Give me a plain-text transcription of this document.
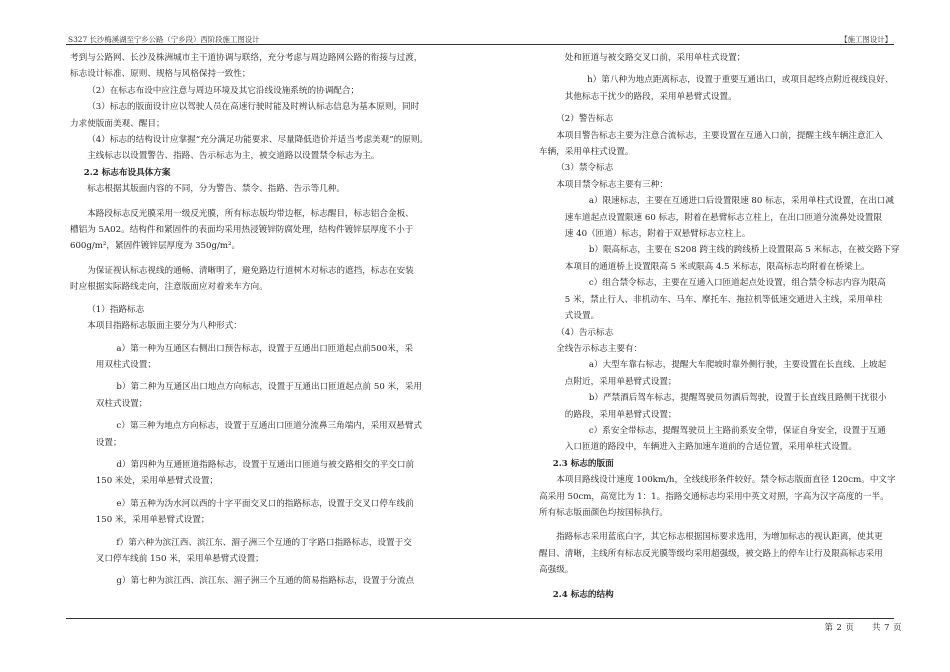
S327 长沙梅溪湖至宁乡公路（宁乡段）西阶段施工图设计	【施工图设计】

考到与公路网、长沙及株洲城市主干道协调与联络，充分考虑与周边路网公路的衔接与过渡，

标志设计标准、原则、规格与风格保持一致性；

（2）在标志布设中应注意与周边环境及其它沿线设施系统的协调配合；

（3）标志的版面设计应以驾驶人员在高速行驶时能及时辨认标志信息为基本原则，同时

力求使版面美观、醒目；

（4）标志的结构设计应掌握“充分满足功能要求、尽量降低造价并适当考虑美观”的原则。

主线标志以设置警告、指路、告示标志为主，被交道路以设置禁令标志为主。

2.2 标志布设具体方案

标志根据其版面内容的不同，分为警告、禁令、指路、告示等几种。

本路段标志反光膜采用一级反光膜，所有标志版均带边框，标志醒目，标志铝合金板、

槽铝为 5A02。结构件和紧固件的表面均采用热浸镀锌防腐处理，结构件镀锌层厚度不小于

600g/m²，紧固件镀锌层厚度为 350g/m²。

为保证视认标志视线的通畅、清晰明了，避免路边行道树木对标志的遮挡，标志在安装

时应根据实际路线走向，注意版面应对着来车方向。

（1）指路标志

本项目指路标志版面主要分为八种形式：

a）第一种为互通区右侧出口预告标志，设置于互通出口匝道起点前500米，采

用双柱式设置；

b）第二种为互通区出口地点方向标志，设置于互通出口匝道起点前 50 米，采用

双柱式设置；

c）第三种为地点方向标志，设置于互通出口匝道分流鼻三角端内，采用双悬臂式

设置；

d）第四种为互通匝道指路标志，设置于互通出口匝道与被交路相交的平交口前

150 米处，采用单悬臂式设置；

e）第五种为沩水河以西的十字平面交叉口的指路标志，设置于交叉口停车线前

150 米，采用单悬臂式设置；

f）第六种为滨江西、滨江东、湄子洲三个互通的丁字路口指路标志，设置于交

叉口停车线前 150 米，采用单悬臂式设置；

g）第七种为滨江西、滨江东、湄子洲三个互通的简易指路标志，设置于分流点

处和匝道与被交路交叉口前，采用单柱式设置；

h）第八种为地点距离标志，设置于重要互通出口，或项目起终点附近视线良好、

其他标志干扰少的路段，采用单悬臂式设置。

（2）警告标志

本项目警告标志主要为注意合流标志，主要设置在互通入口前，提醒主线车辆注意汇入

车辆，采用单柱式设置。

（3）禁令标志

本项目禁令标志主要有三种：

a）限速标志，主要在互通进口后设置限速 80 标志，采用单柱式设置，在出口减

速车道起点设置限速 60 标志，附着在悬臂标志立柱上，在出口匝道分流鼻处设置限

速 40（匝道）标志，附着于双悬臂标志立柱上。

b）限高标志，主要在 S208 跨主线的跨线桥上设置限高 5 米标志，在被交路下穿

本项目的通道桥上设置限高 5 米或限高 4.5 米标志，限高标志均附着在桥梁上。

c）组合禁令标志，主要在互通入口匝道起点处设置，组合禁令标志内容为限高

5 米，禁止行人、非机动车、马车、摩托车、拖拉机等低速交通进入主线，采用单柱

式设置。

（4）告示标志

全线告示标志主要有：

a）大型车靠右标志，提醒大车爬坡时靠外侧行驶，主要设置在长直线、上坡起

点附近，采用单悬臂式设置；

b）严禁酒后驾车标志，提醒驾驶员勿酒后驾驶，设置于长直线且路侧干扰很小

的路段，采用单悬臂式设置；

c）系安全带标志，提醒驾驶员上主路前系安全带，保证自身安全，设置于互通

入口匝道的路段中，车辆进入主路加速车道前的合适位置，采用单柱式设置。

2.3 标志的版面

本项目路线设计速度 100km/h，全线线形条件较好。禁令标志版面直径 120cm。中文字

高采用 50cm，高宽比为 1：1。指路交通标志均采用中英文对照，字高为汉字高度的一半。

所有标志版面颜色均按国标执行。

指路标志采用蓝底白字，其它标志根据国标要求选用，为增加标志的视认距离，使其更

醒目、清晰，主线所有标志反光膜等级均采用超强级，被交路上的停车让行及限高标志采用

高强级。

2.4 标志的结构

第 2 页　　共 7 页
